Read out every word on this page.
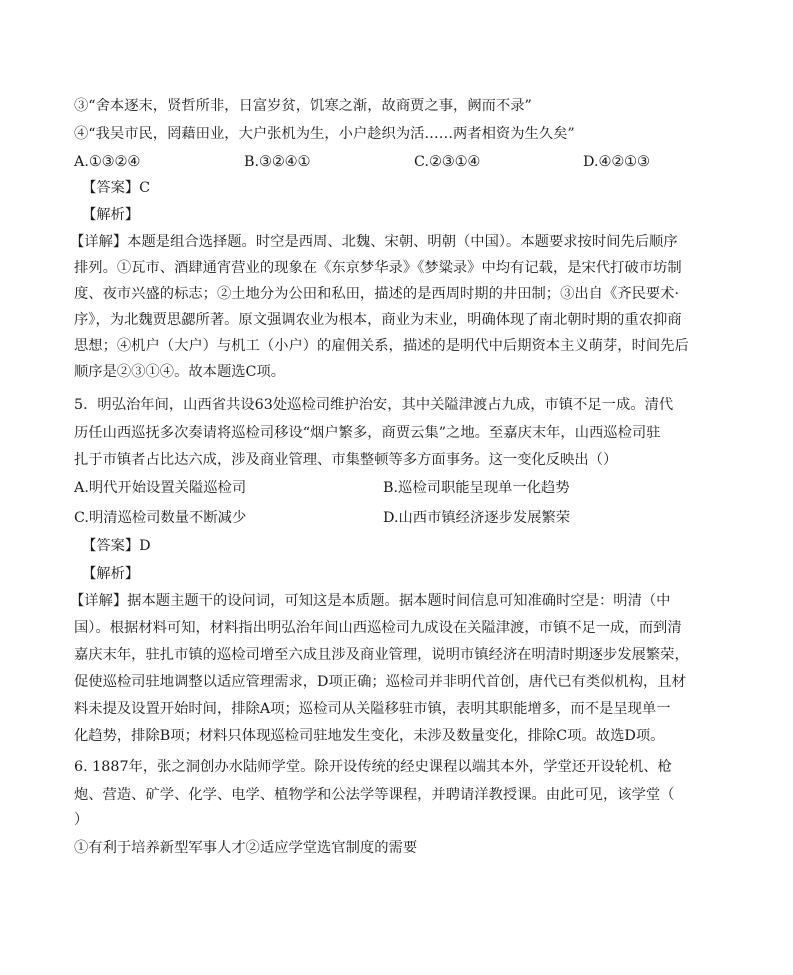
③“舍本逐末，贤哲所非，日富岁贫，饥寒之渐，故商贾之事，阙而不录”
④“我吴市民，罔藉田业，大户张机为生，小户趁织为活……两者相资为生久矣”
A.①③②④	B.③②④①	C.②③①④	D.④②①③
【答案】C
【解析】
【详解】本题是组合选择题。时空是西周、北魏、宋朝、明朝（中国）。本题要求按时间先后顺序
排列。①瓦市、酒肆通宵营业的现象在《东京梦华录》《梦粱录》中均有记载，是宋代打破市坊制
度、夜市兴盛的标志；②土地分为公田和私田，描述的是西周时期的井田制；③出自《齐民要术·
序》，为北魏贾思勰所著。原文强调农业为根本，商业为末业，明确体现了南北朝时期的重农抑商
思想；④机户（大户）与机工（小户）的雇佣关系，描述的是明代中后期资本主义萌芽，时间先后
顺序是②③①④。故本题选C项。
5．明弘治年间，山西省共设63处巡检司维护治安，其中关隘津渡占九成，市镇不足一成。清代
历任山西巡抚多次奏请将巡检司移设“烟户繁多，商贾云集”之地。至嘉庆末年，山西巡检司驻
扎于市镇者占比达六成，涉及商业管理、市集整顿等多方面事务。这一变化反映出（）
A.明代开始设置关隘巡检司	B.巡检司职能呈现单一化趋势
C.明清巡检司数量不断减少	D.山西市镇经济逐步发展繁荣
【答案】D
【解析】
【详解】据本题主题干的设问词，可知这是本质题。据本题时间信息可知准确时空是：明清（中
国）。根据材料可知，材料指出明弘治年间山西巡检司九成设在关隘津渡，市镇不足一成，而到清
嘉庆末年，驻扎市镇的巡检司增至六成且涉及商业管理，说明市镇经济在明清时期逐步发展繁荣，
促使巡检司驻地调整以适应管理需求，D项正确；巡检司并非明代首创，唐代已有类似机构，且材
料未提及设置开始时间，排除A项；巡检司从关隘移驻市镇，表明其职能增多，而不是呈现单一
化趋势，排除B项；材料只体现巡检司驻地发生变化，未涉及数量变化，排除C项。故选D项。
6. 1887年，张之洞创办水陆师学堂。除开设传统的经史课程以端其本外，学堂还开设轮机、枪
炮、营造、矿学、化学、电学、植物学和公法学等课程，并聘请洋教授课。由此可见，该学堂（
）
①有利于培养新型军事人才②适应学堂选官制度的需要
